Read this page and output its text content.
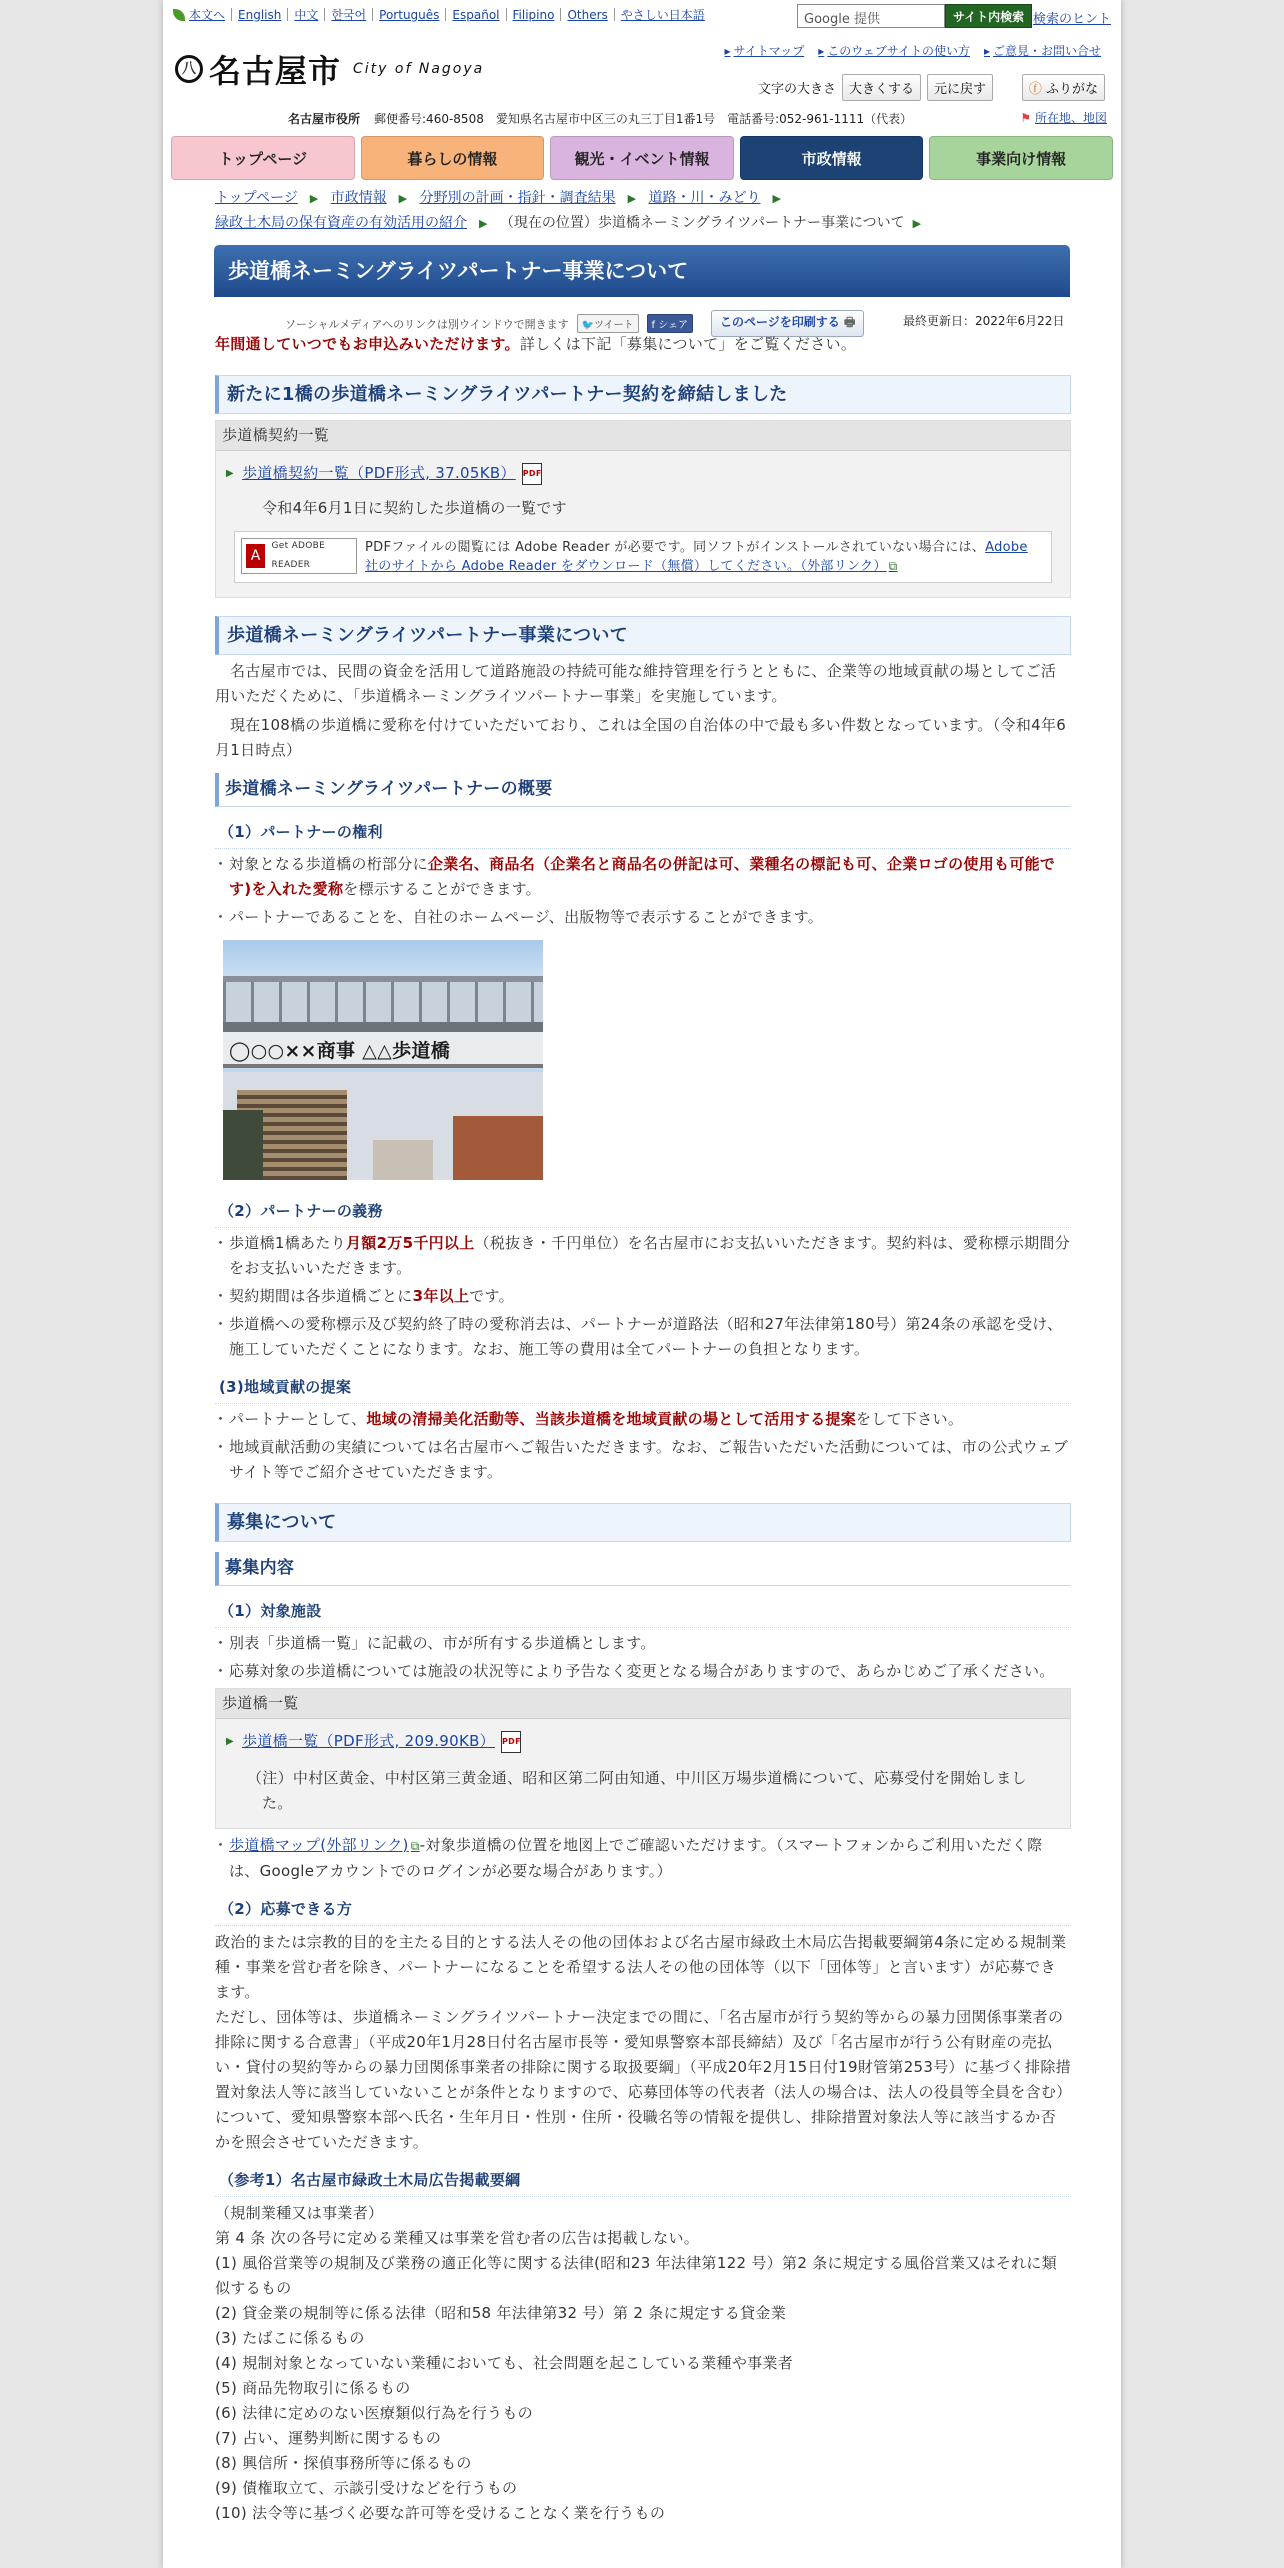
本文へ English 中文 한국어 Português Español Filipino Others やさしい日本語	Google 提供	サイト内検索 検索のヒント
八 名古屋市 City of Nagoya
▸ サイトマップ	▸ このウェブサイトの使い方	▸ ご意見・お問い合せ
文字の大きさ	大きくする	元に戻す	ⓕ ふりがな
名古屋市役所 郵便番号:460-8508　愛知県名古屋市中区三の丸三丁目1番1号　電話番号:052-961-1111（代表）	⚑ 所在地、地図
トップページ	暮らしの情報	観光・イベント情報	市政情報	事業向け情報
トップページ ▶ 市政情報 ▶ 分野別の計画・指針・調査結果 ▶ 道路・川・みどり ▶
緑政土木局の保有資産の有効活用の紹介 ▶ （現在の位置）歩道橋ネーミングライツパートナー事業について ▶
歩道橋ネーミングライツパートナー事業について
ソーシャルメディアへのリンクは別ウインドウで開きます	🐦ツイート	f シェア	このページを印刷する 🖶	最終更新日：2022年6月22日
年間通していつでもお申込みいただけます。詳しくは下記「募集について」をご覧ください。
新たに1橋の歩道橋ネーミングライツパートナー契約を締結しました
歩道橋契約一覧
▶ 歩道橋契約一覧（PDF形式, 37.05KB） PDF
令和4年6月1日に契約した歩道橋の一覧です
A
Get ADOBE READER
PDFファイルの閲覧には Adobe Reader が必要です。同ソフトがインストールされていない場合には、Adobe 社のサイトから Adobe Reader をダウンロード（無償）してください。（外部リンク） ⧉
歩道橋ネーミングライツパートナー事業について
名古屋市では、民間の資金を活用して道路施設の持続可能な維持管理を行うとともに、企業等の地域貢献の場としてご活用いただくために、「歩道橋ネーミングライツパートナー事業」を実施しています。
現在108橋の歩道橋に愛称を付けていただいており、これは全国の自治体の中で最も多い件数となっています。（令和4年6月1日時点）
歩道橋ネーミングライツパートナーの概要
（1）パートナーの権利
・ 対象となる歩道橋の桁部分に企業名、商品名（企業名と商品名の併記は可、業種名の標記も可、企業ロゴの使用も可能です)を入れた愛称を標示することができます。
・ パートナーであることを、自社のホームページ、出版物等で表示することができます。
◯○○××商事 △△歩道橋
（2）パートナーの義務
・ 歩道橋1橋あたり月額2万5千円以上（税抜き・千円単位）を名古屋市にお支払いいただきます。契約料は、愛称標示期間分をお支払いいただきます。
・ 契約期間は各歩道橋ごとに3年以上です。
・ 歩道橋への愛称標示及び契約終了時の愛称消去は、パートナーが道路法（昭和27年法律第180号）第24条の承認を受け、施工していただくことになります。なお、施工等の費用は全てパートナーの負担となります。
(3)地域貢献の提案
・ パートナーとして、地域の清掃美化活動等、当該歩道橋を地域貢献の場として活用する提案をして下さい。
・ 地域貢献活動の実績については名古屋市へご報告いただきます。なお、ご報告いただいた活動については、市の公式ウェブサイト等でご紹介させていただきます。
募集について
募集内容
（1）対象施設
・ 別表「歩道橋一覧」に記載の、市が所有する歩道橋とします。
・ 応募対象の歩道橋については施設の状況等により予告なく変更となる場合がありますので、あらかじめご了承ください。
歩道橋一覧
▶ 歩道橋一覧（PDF形式, 209.90KB） PDF
（注）中村区黄金、中村区第三黄金通、昭和区第二阿由知通、中川区万場歩道橋について、応募受付を開始しました。
・ 歩道橋マップ(外部リンク) ⧉ -対象歩道橋の位置を地図上でご確認いただけます。（スマートフォンからご利用いただく際は、Googleアカウントでのログインが必要な場合があります。）
（2）応募できる方
政治的または宗教的目的を主たる目的とする法人その他の団体および名古屋市緑政土木局広告掲載要綱第4条に定める規制業種・事業を営む者を除き、パートナーになることを希望する法人その他の団体等（以下「団体等」と言います）が応募できます。
ただし、団体等は、歩道橋ネーミングライツパートナー決定までの間に、「名古屋市が行う契約等からの暴力団関係事業者の排除に関する合意書」（平成20年1月28日付名古屋市長等・愛知県警察本部長締結）及び「名古屋市が行う公有財産の売払い・貸付の契約等からの暴力団関係事業者の排除に関する取扱要綱」（平成20年2月15日付19財管第253号）に基づく排除措置対象法人等に該当していないことが条件となりますので、応募団体等の代表者（法人の場合は、法人の役員等全員を含む）について、愛知県警察本部へ氏名・生年月日・性別・住所・役職名等の情報を提供し、排除措置対象法人等に該当するか否かを照会させていただきます。
（参考1）名古屋市緑政土木局広告掲載要綱
（規制業種又は事業者）
第 4 条 次の各号に定める業種又は事業を営む者の広告は掲載しない。
(1) 風俗営業等の規制及び業務の適正化等に関する法律(昭和23 年法律第122 号）第2 条に規定する風俗営業又はそれに類似するもの
(2) 貸金業の規制等に係る法律（昭和58 年法律第32 号）第 2 条に規定する貸金業
(3) たばこに係るもの
(4) 規制対象となっていない業種においても、社会問題を起こしている業種や事業者
(5) 商品先物取引に係るもの
(6) 法律に定めのない医療類似行為を行うもの
(7) 占い、運勢判断に関するもの
(8) 興信所・探偵事務所等に係るもの
(9) 債権取立て、示談引受けなどを行うもの
(10) 法令等に基づく必要な許可等を受けることなく業を行うもの
